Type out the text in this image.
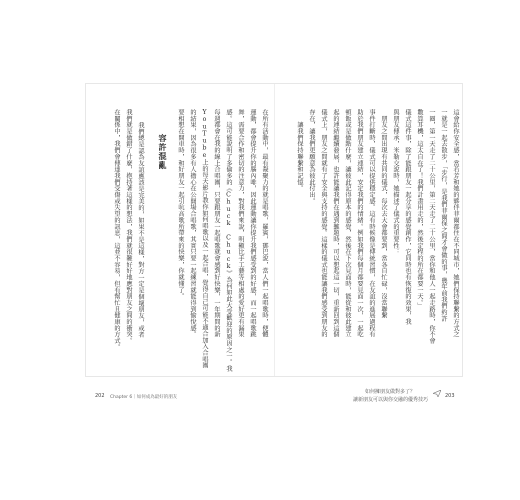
這會給你安全感，當若芳和她的夥伴菲爾都住在不同城市，她們保持聯繫的方式之
一就是一起去散步，「步行，是我們菲爾保之間才會做的事，幾年前我們約許
一圈，第一天走了二十公里，第二天走了二十公里，當你和他人一起走路時，你不會
數算耳機，這太自在了！我們計畫用走的，然後定程的所在都要一天。」
儀式這件事，除了能跟朋友一起分享的感覺創作，它同時也有恢復的效果，我
與朋友傳承，米勒交說時，她描述了儀式的重要性：
　朋友之間出現有共同的儀式，每次去大會都要到，當各自忙碌，沒當聯繫
事件打斷時，儀式可以提供穩定感。這有時候像是傳統習慣，在友誼的進展過程有
助於我們朋友建立連結，安定我們的情緒。例如我們每個月都要見面一次，一起吃
頓飯或是做點什麼，讓彼此記得原本的感覺，然後在下次見面時，能從和彼此建立
起的連結繼續發展，也許能讓我們在遇到難題時，可以想起這一切，重新回到這個
儀式上，朋友之間就有了安全與支持的感覺。這樣的儀式也能讓我們感受到朋友的
存在，讓我們更願意為彼此付出。
　　讓我們保持聯繫和記憶。
如何擁朋友做對多了？
讓新朋友可以與你交融的優秀技巧
203
在所有活動中，最有凝聚力的就是唱歌，羅賓，鄧巴說，當人們一起唱歌時，便體
運動，都會提升你的腦內啡，因此運動讓你提升我們感受到的好感，而一起唱歌跳
舞，需要合作和密切的注意力，對我們來說，明顯比手工藝等相處的愛好更有漏果
感。這可能說明了多倫多的《Chuck Chuck》為何如此大受歡迎的原因之一。我
每週都會在我的線上合唱團，只要跟朋友一起唱歌就會感到好快樂，一年期間的新
YouTube上的每天影片教你如何唱歌以及一起合唱，覺得自己可能不適合加入合唱團
的結果，因為很多有人擔心在公開場合唱歌，其實只要一起練習就能得到愉悅感。
要相想在開車時，和好朋友一起引吭高歌所帶來的快樂，你就懂了。
容許混亂
我們總是認為友誼應該是完美的，如果不是這樣，對方一定是個壞朋友，或者
我們就是做錯了什麼，抱持著這樣的想法，我們就很難好好地應對朋友之間的衝突。
在關係中，我們會傳達我們受傷或失望的訊息，這並不容易，但有幫忙且健康的方式。
202 Chapter 6｜如何成為最好的朋友
